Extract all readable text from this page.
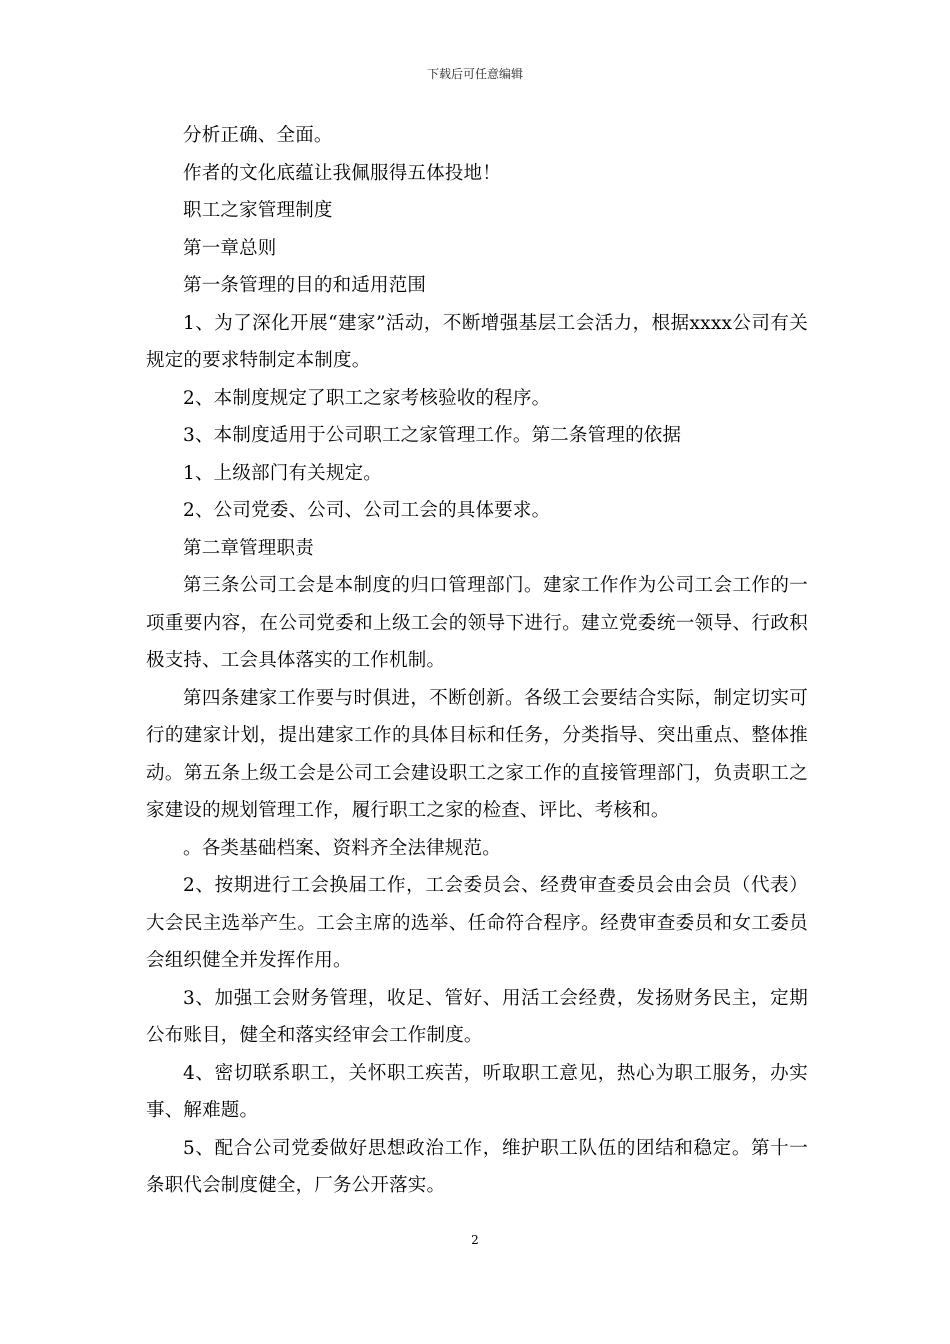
下载后可任意编辑

分析正确、全面。

作者的文化底蕴让我佩服得五体投地！

职工之家管理制度

第一章总则

第一条管理的目的和适用范围

1、为了深化开展“建家”活动，不断增强基层工会活力，根据xxxx公司有关规定的要求特制定本制度。

2、本制度规定了职工之家考核验收的程序。

3、本制度适用于公司职工之家管理工作。第二条管理的依据

1、上级部门有关规定。

2、公司党委、公司、公司工会的具体要求。

第二章管理职责

第三条公司工会是本制度的归口管理部门。建家工作作为公司工会工作的一项重要内容，在公司党委和上级工会的领导下进行。建立党委统一领导、行政积极支持、工会具体落实的工作机制。

第四条建家工作要与时俱进，不断创新。各级工会要结合实际，制定切实可行的建家计划，提出建家工作的具体目标和任务，分类指导、突出重点、整体推动。第五条上级工会是公司工会建设职工之家工作的直接管理部门，负责职工之家建设的规划管理工作，履行职工之家的检查、评比、考核和。

。各类基础档案、资料齐全法律规范。

2、按期进行工会换届工作，工会委员会、经费审查委员会由会员（代表）大会民主选举产生。工会主席的选举、任命符合程序。经费审查委员和女工委员会组织健全并发挥作用。

3、加强工会财务管理，收足、管好、用活工会经费，发扬财务民主，定期公布账目，健全和落实经审会工作制度。

4、密切联系职工，关怀职工疾苦，听取职工意见，热心为职工服务，办实事、解难题。

5、配合公司党委做好思想政治工作，维护职工队伍的团结和稳定。第十一条职代会制度健全，厂务公开落实。

2
